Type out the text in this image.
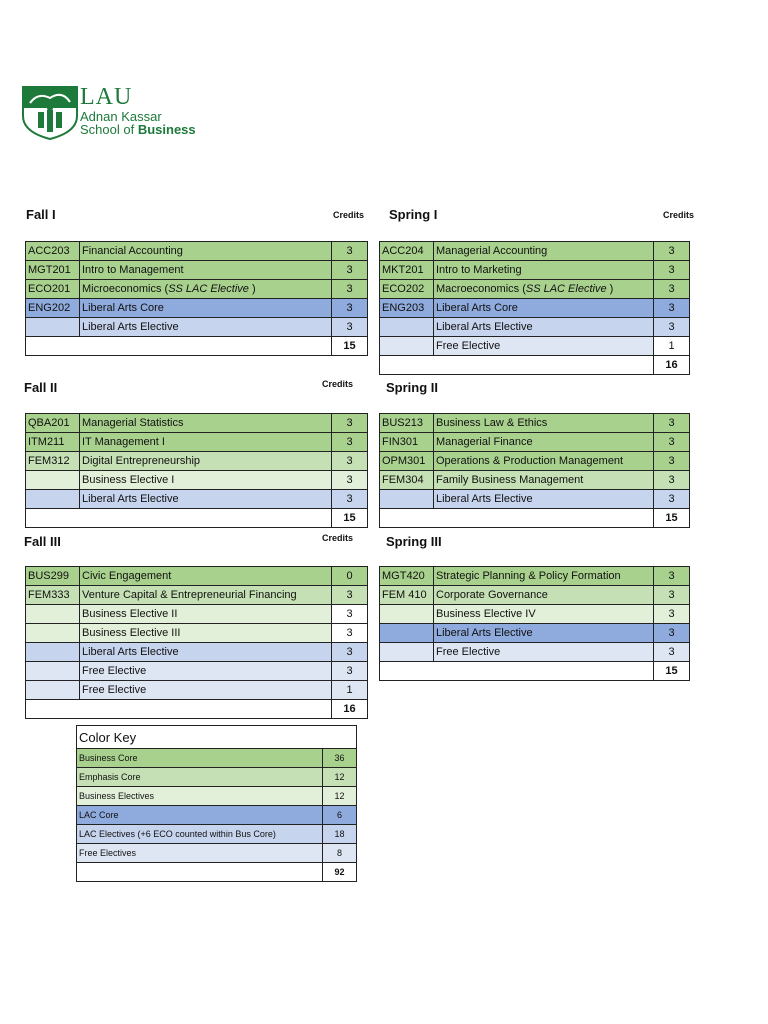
LAU
Adnan Kassar
School of Business
Fall I	Credits Spring I	Credits
Fall II	Credits	Spring II
Fall III	Credits	Spring III
ACC203	Financial Accounting	3
MGT201	Intro to Management	3
ECO201	Microeconomics (SS LAC Elective )	3
ENG202	Liberal Arts Core	3
	Liberal Arts Elective	3
		15
ACC204	Managerial Accounting	3
MKT201	Intro to Marketing	3
ECO202	Macroeconomics (SS LAC Elective )	3
ENG203	Liberal Arts Core	3
	Liberal Arts Elective	3
	Free Elective	1
		16
QBA201	Managerial Statistics	3
ITM211	IT Management I	3
FEM312	Digital Entrepreneurship	3
	Business Elective I	3
	Liberal Arts Elective	3
		15
BUS213	Business Law & Ethics	3
FIN301	Managerial Finance	3
OPM301	Operations & Production Management	3
FEM304	Family Business Management	3
	Liberal Arts Elective	3
		15
BUS299	Civic Engagement	0
FEM333	Venture Capital & Entrepreneurial Financing	3
	Business Elective II	3
	Business Elective III	3
	Liberal Arts Elective	3
	Free Elective	3
	Free Elective	1
		16
MGT420	Strategic Planning & Policy Formation	3
FEM 410	Corporate Governance	3
	Business Elective IV	3
	Liberal Arts Elective	3
	Free Elective	3
		15
Color Key	
Business Core	36
Emphasis Core	12
Business Electives	12
LAC Core	6
LAC Electives (+6 ECO counted within Bus Core)	18
Free Electives	8
	92
